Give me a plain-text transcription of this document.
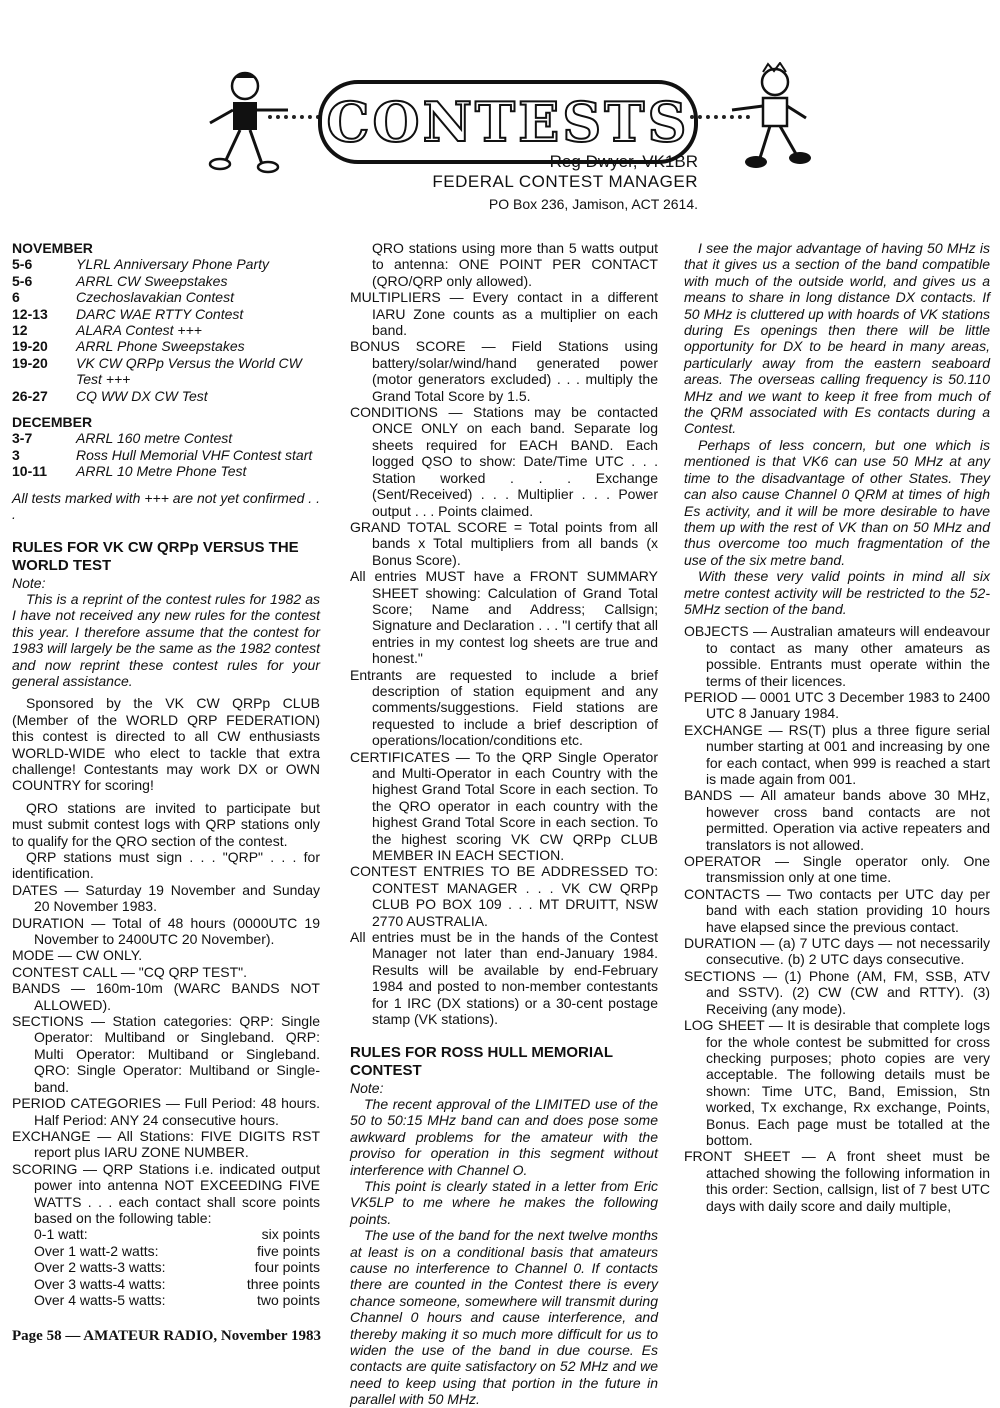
CONTESTS
Reg Dwyer, VK1BR
FEDERAL CONTEST MANAGER
PO Box 236, Jamison, ACT 2614.

NOVEMBER

5-6	YLRL Anniversary Phone Party
5-6	ARRL CW Sweepstakes
6	Czechoslavakian Contest
12-13	DARC WAE RTTY Contest
12	ALARA Contest +++
19-20	ARRL Phone Sweepstakes
19-20	VK CW QRPp Versus the World CW Test +++
26-27	CQ WW DX CW Test

DECEMBER

3-7	ARRL 160 metre Contest
3	Ross Hull Memorial VHF Contest start
10-11	ARRL 10 Metre Phone Test

All tests marked with +++ are not yet confirmed . . .

RULES FOR VK CW QRPp VERSUS THE WORLD TEST

Note:

This is a reprint of the contest rules for 1982 as I have not received any new rules for the contest this year. I therefore assume that the contest for 1983 will largely be the same as the 1982 contest and now reprint these contest rules for your general assistance.

Sponsored by the VK CW QRPp CLUB (Member of the WORLD QRP FEDERATION) this contest is directed to all CW enthusiasts WORLD-WIDE who elect to tackle that extra challenge! Contestants may work DX or OWN COUNTRY for scoring!

QRO stations are invited to participate but must submit contest logs with QRP stations only to qualify for the QRO section of the contest.

QRP stations must sign . . . "QRP" . . . for identification.

DATES — Saturday 19 November and Sunday 20 November 1983.

DURATION — Total of 48 hours (0000UTC 19 November to 2400UTC 20 November).

MODE — CW ONLY.

CONTEST CALL — "CQ QRP TEST".

BANDS — 160m-10m (WARC BANDS NOT ALLOWED).

SECTIONS — Station categories: QRP: Single Operator: Multiband or Singleband. QRP: Multi Operator: Multiband or Singleband. QRO: Single Operator: Multiband or Single-band.

PERIOD CATEGORIES — Full Period: 48 hours. Half Period: ANY 24 consecutive hours.

EXCHANGE — All Stations: FIVE DIGITS RST report plus IARU ZONE NUMBER.

SCORING — QRP Stations i.e. indicated output power into antenna NOT EXCEEDING FIVE WATTS . . . each contact shall score points based on the following table:

0-1 watt:	six points
Over 1 watt-2 watts:	five points
Over 2 watts-3 watts:	four points
Over 3 watts-4 watts:	three points
Over 4 watts-5 watts:	two points

QRO stations using more than 5 watts output to antenna: ONE POINT PER CONTACT (QRO/QRP only allowed).

MULTIPLIERS — Every contact in a different IARU Zone counts as a multiplier on each band.

BONUS SCORE — Field Stations using battery/solar/wind/hand generated power (motor generators excluded) . . . multiply the Grand Total Score by 1.5.

CONDITIONS — Stations may be contacted ONCE ONLY on each band. Separate log sheets required for EACH BAND. Each logged QSO to show: Date/Time UTC . . . Station worked . . . Exchange (Sent/Received) . . . Multiplier . . . Power output . . . Points claimed.

GRAND TOTAL SCORE = Total points from all bands x Total multipliers from all bands (x Bonus Score).

All entries MUST have a FRONT SUMMARY SHEET showing: Calculation of Grand Total Score; Name and Address; Callsign; Signature and Declaration . . . "I certify that all entries in my contest log sheets are true and honest."

Entrants are requested to include a brief description of station equipment and any comments/suggestions. Field stations are requested to include a brief description of operations/location/conditions etc.

CERTIFICATES — To the QRP Single Operator and Multi-Operator in each Country with the highest Grand Total Score in each section. To the QRO operator in each country with the highest Grand Total Score in each section. To the highest scoring VK CW QRPp CLUB MEMBER IN EACH SECTION.

CONTEST ENTRIES TO BE ADDRESSED TO: CONTEST MANAGER . . . VK CW QRPp CLUB PO BOX 109 . . . MT DRUITT, NSW 2770 AUSTRALIA.

All entries must be in the hands of the Contest Manager not later than end-January 1984. Results will be available by end-February 1984 and posted to non-member contestants for 1 IRC (DX stations) or a 30-cent postage stamp (VK stations).

RULES FOR ROSS HULL MEMORIAL CONTEST

Note:

The recent approval of the LIMITED use of the 50 to 50:15 MHz band can and does pose some awkward problems for the amateur with the proviso for operation in this segment without interference with Channel O.

This point is clearly stated in a letter from Eric VK5LP to me where he makes the following points.

The use of the band for the next twelve months at least is on a conditional basis that amateurs cause no interference to Channel 0. If contacts there are counted in the Contest there is every chance someone, somewhere will transmit during Channel 0 hours and cause interference, and thereby making it so much more difficult for us to widen the use of the band in due course. Es contacts are quite satisfactory on 52 MHz and we need to keep using that portion in the future in parallel with 50 MHz.

I see the major advantage of having 50 MHz is that it gives us a section of the band compatible with much of the outside world, and gives us a means to share in long distance DX contacts. If 50 MHz is cluttered up with hoards of VK stations during Es openings then there will be little opportunity for DX to be heard in many areas, particularly away from the eastern seaboard areas. The overseas calling frequency is 50.110 MHz and we want to keep it free from much of the QRM associated with Es contacts during a Contest.

Perhaps of less concern, but one which is mentioned is that VK6 can use 50 MHz at any time to the disadvantage of other States. They can also cause Channel 0 QRM at times of high Es activity, and it will be more desirable to have them up with the rest of VK than on 50 MHz and thus overcome too much fragmentation of the use of the six metre band.

With these very valid points in mind all six metre contest activity will be restricted to the 52-5MHz section of the band.

OBJECTS — Australian amateurs will endeavour to contact as many other amateurs as possible. Entrants must operate within the terms of their licences.

PERIOD — 0001 UTC 3 December 1983 to 2400 UTC 8 January 1984.

EXCHANGE — RS(T) plus a three figure serial number starting at 001 and increasing by one for each contact, when 999 is reached a start is made again from 001.

BANDS — All amateur bands above 30 MHz, however cross band contacts are not permitted. Operation via active repeaters and translators is not allowed.

OPERATOR — Single operator only. One transmission only at one time.

CONTACTS — Two contacts per UTC day per band with each station providing 10 hours have elapsed since the previous contact.

DURATION — (a) 7 UTC days — not necessarily consecutive. (b) 2 UTC days consecutive.

SECTIONS — (1) Phone (AM, FM, SSB, ATV and SSTV). (2) CW (CW and RTTY). (3) Receiving (any mode).

LOG SHEET — It is desirable that complete logs for the whole contest be submitted for cross checking purposes; photo copies are very acceptable. The following details must be shown: Time UTC, Band, Emission, Stn worked, Tx exchange, Rx exchange, Points, Bonus. Each page must be totalled at the bottom.

FRONT SHEET — A front sheet must be attached showing the following information in this order: Section, callsign, list of 7 best UTC days with daily score and daily multiple,

Page 58 — AMATEUR RADIO, November 1983
